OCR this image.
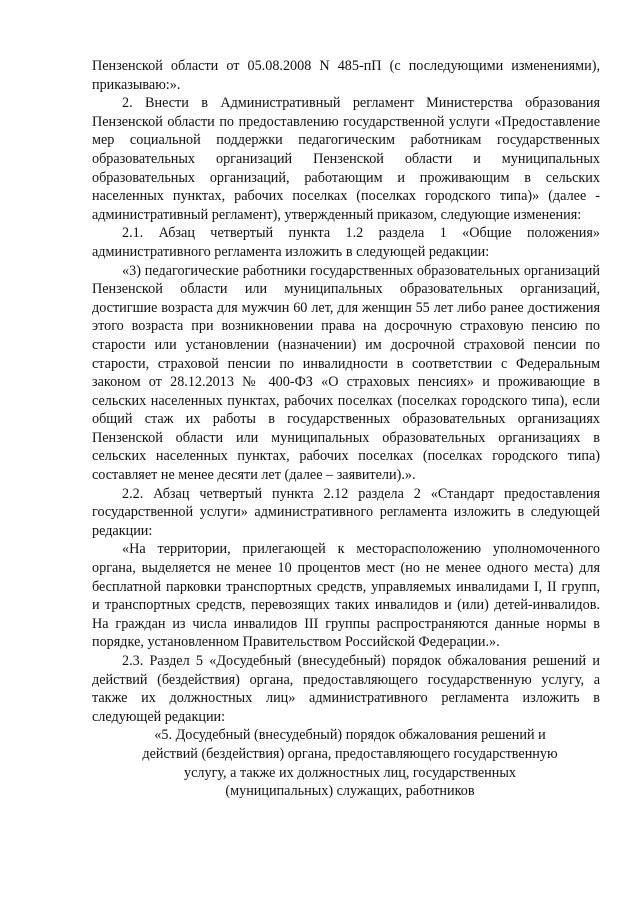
Пензенской области от 05.08.2008 N 485-пП (с последующими изменениями), приказываю:».

2. Внести в Административный регламент Министерства образования Пензенской области по предоставлению государственной услуги «Предоставление мер социальной поддержки педагогическим работникам государственных образовательных организаций Пензенской области и муниципальных образовательных организаций, работающим и проживающим в сельских населенных пунктах, рабочих поселках (поселках городского типа)» (далее - административный регламент), утвержденный приказом, следующие изменения:

2.1. Абзац четвертый пункта 1.2 раздела 1 «Общие положения» административного регламента изложить в следующей редакции:

«3) педагогические работники государственных образовательных организаций Пензенской области или муниципальных образовательных организаций, достигшие возраста для мужчин 60 лет, для женщин 55 лет либо ранее достижения этого возраста при возникновении права на досрочную страховую пенсию по старости или установлении (назначении) им досрочной страховой пенсии по старости, страховой пенсии по инвалидности в соответствии с Федеральным законом от 28.12.2013 № 400-ФЗ «О страховых пенсиях» и проживающие в сельских населенных пунктах, рабочих поселках (поселках городского типа), если общий стаж их работы в государственных образовательных организациях Пензенской области или муниципальных образовательных организациях в сельских населенных пунктах, рабочих поселках (поселках городского типа) составляет не менее десяти лет (далее – заявители).».

2.2. Абзац четвертый пункта 2.12 раздела 2 «Стандарт предоставления государственной услуги» административного регламента изложить в следующей редакции:

«На территории, прилегающей к месторасположению уполномоченного органа, выделяется не менее 10 процентов мест (но не менее одного места) для бесплатной парковки транспортных средств, управляемых инвалидами I, II групп, и транспортных средств, перевозящих таких инвалидов и (или) детей-инвалидов. На граждан из числа инвалидов III группы распространяются данные нормы в порядке, установленном Правительством Российской Федерации.».

2.3. Раздел 5 «Досудебный (внесудебный) порядок обжалования решений и действий (бездействия) органа, предоставляющего государственную услугу, а также их должностных лиц» административного регламента изложить в следующей редакции:

«5. Досудебный (внесудебный) порядок обжалования решений и действий (бездействия) органа, предоставляющего государственную услугу, а также их должностных лиц, государственных (муниципальных) служащих, работников
